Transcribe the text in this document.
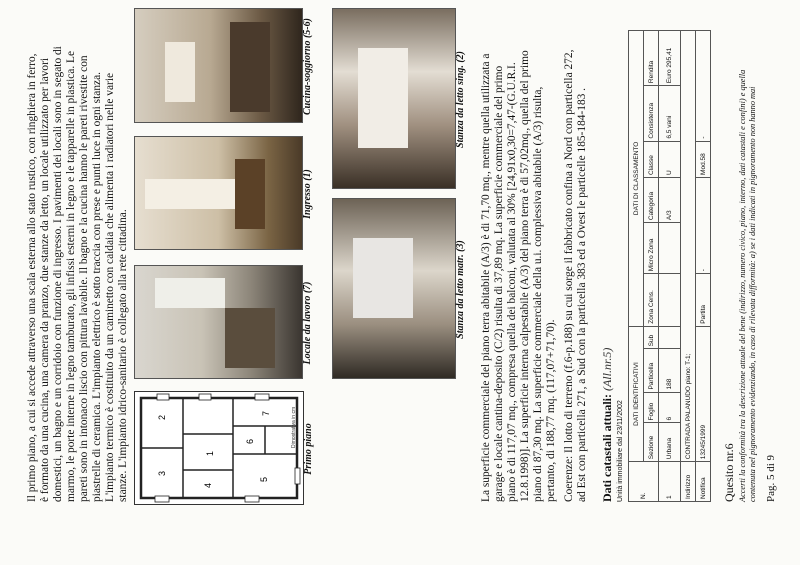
Il primo piano, a cui si accede attraverso una scala esterna allo stato rustico, con ringhiera in ferro, è formato da una cucina, una camera da pranzo, due stanze da letto, un locale utilizzato per lavori domestici, un bagno e un corridoio con funzione di ingresso. I pavimenti dei locali sono in segato di marmo, le porte interne in legno tamburato, gli infissi esterni in legno e le tapparelle in plastica. Le pareti sono in intonaco liscio con pittura lavabile. Il bagno e la cucina hanno le pareti rivestite con piastrelle di ceramica. L'impianto elettrico è sotto traccia con prese e punti luce in ogni stanza. L'impianto termico è costituito da un caminetto con caldaia che alimenta i radiatori nelle varie stanze. L'impianto idrico-sanitario è collegato alla rete cittadina.	5
6
7
4
1
2
3
Dimostrativa in cm Primo piano
Locale da lavoro (7)
Ingresso (1)
Cucina-soggiorno (5-6)
Stanza da letto matr. (3)
Stanza da letto sing. (2) La superficie commerciale del piano terra abitabile (A/3) è di 71,70 mq., mentre quella utilizzata a garage e locale cantina-deposito (C/2) risulta di 37,89 mq. La superficie commerciale del primo piano è di 117,07 mq., compresa quella dei balconi, valutata al 30% [24,91x0,30=7,47-(G.U.R.I. 12.8.1998)]. La superficie interna calpestabile (A/3) del piano terra è di 57,02mq., quella del primo piano di 87,30 mq. La superficie commerciale della u.i. complessiva abitabile (A/3) risulta, pertanto, di 188,77 mq. (117,07+71,70). Coerenze: Il lotto di terreno (f.6-p.188) su cui sorge il fabbricato confina a Nord con particella 272, ad Est con particella 271, a Sud con la particella 383 ed a Ovest le particelle 185-184-183 . Dati catastali attuali: (All.nr.5)
Unità immobiliare dal 23/11/2002 N.	DATI IDENTIFICATIVI				DATI DI CLASSAMENTO					
	Sezione	Foglio	Particella	Sub	Zona Cens.	Micro Zona	Categoria	Classe	Consistenza	Rendita
1	Urbana	6	188				A/3	U	6,5 vani	Euro 295,41
Indirizzo	CONTRADA PALANUDO piano: T-1;									
Notifica	13245/1999				Partita	-		Mod.58	-	
Quesito nr.6 Accerti la conformità tra la descrizione attuale del bene (indirizzo, numero civico, piano, interno, dati catastali e confini) e quella contenuta nel pignoramento evidenziando, in caso di rilevata difformità: a) se i dati indicati in pignoramento non hanno mai Pag. 5 di 9
